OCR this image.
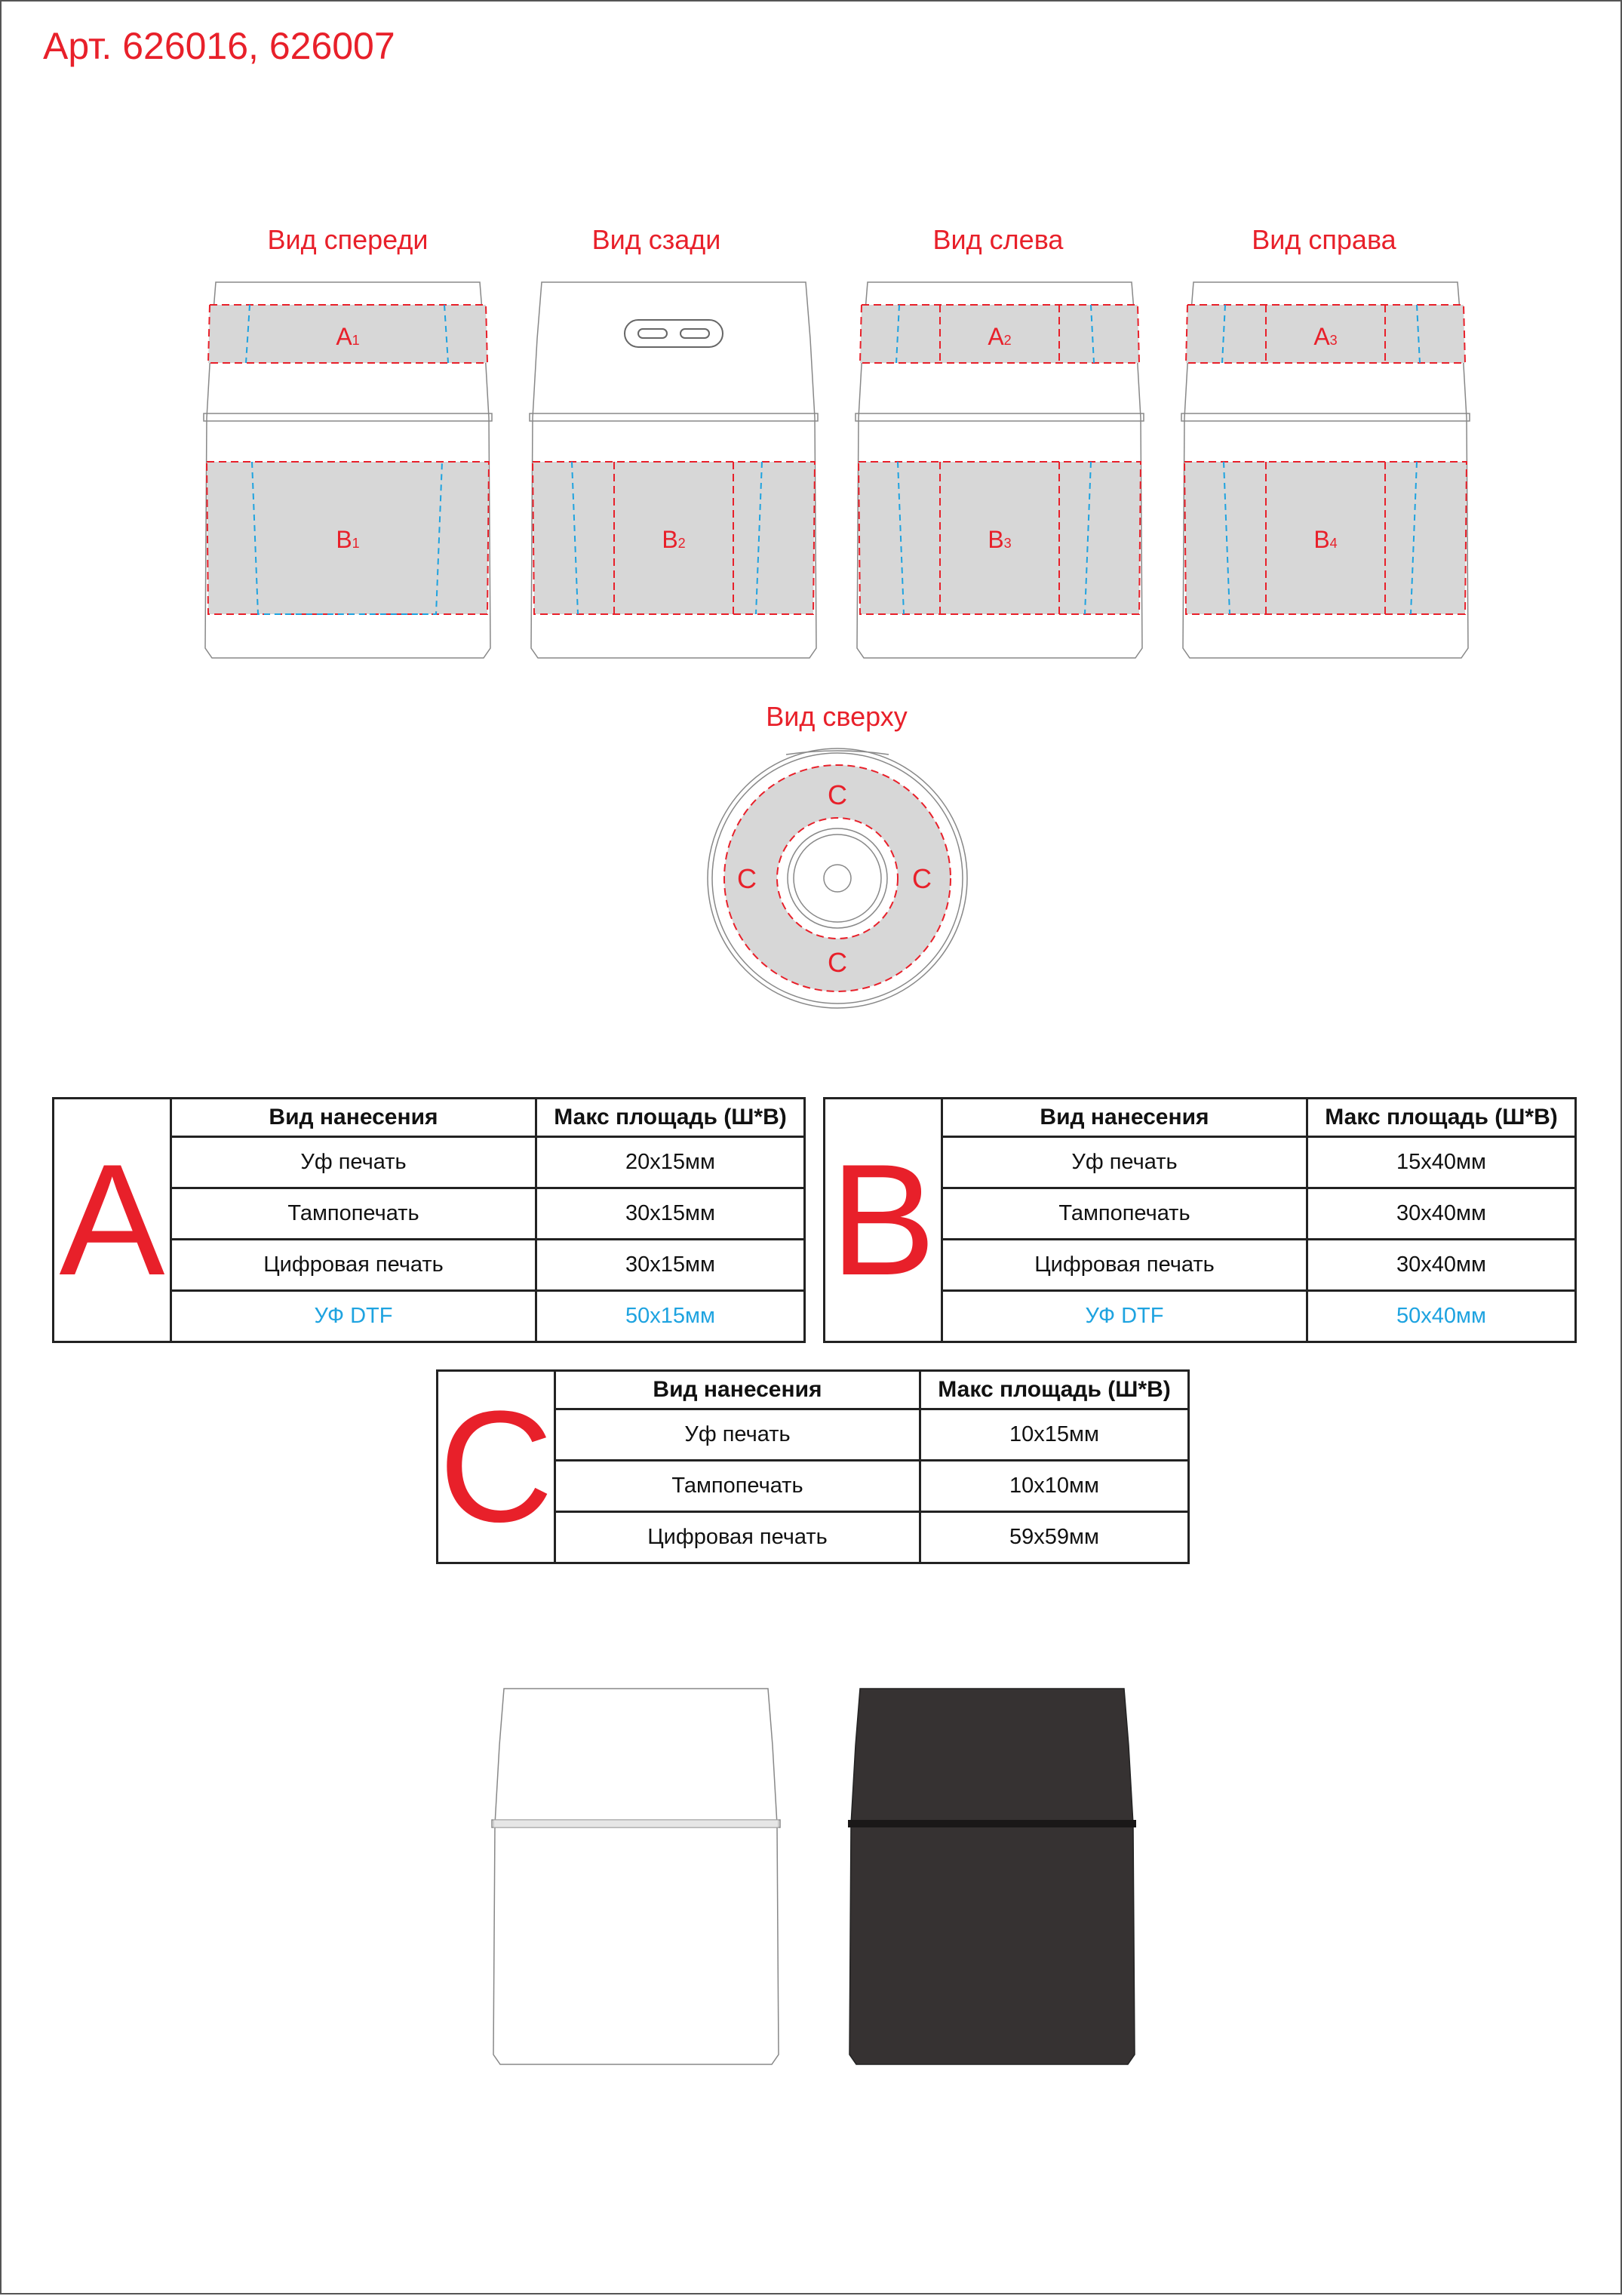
Арт. 626016, 626007
Вид спереди	Вид сзади	Вид слева	Вид справа
Вид сверху
A1
B1	B2
A2
B3
A3
B4
C
C
C	C
A	Вид нанесения	Макс площадь (Ш*В)
	Уф печать	20х15мм
	Тампопечать	30х15мм
	Цифровая печать	30х15мм
	УФ DTF	50х15мм
B	Вид нанесения	Макс площадь (Ш*В)
	Уф печать	15х40мм
	Тампопечать	30х40мм
	Цифровая печать	30х40мм
	УФ DTF	50х40мм
C	Вид нанесения	Макс площадь (Ш*В)
	Уф печать	10х15мм
	Тампопечать	10х10мм
	Цифровая печать	59х59мм
